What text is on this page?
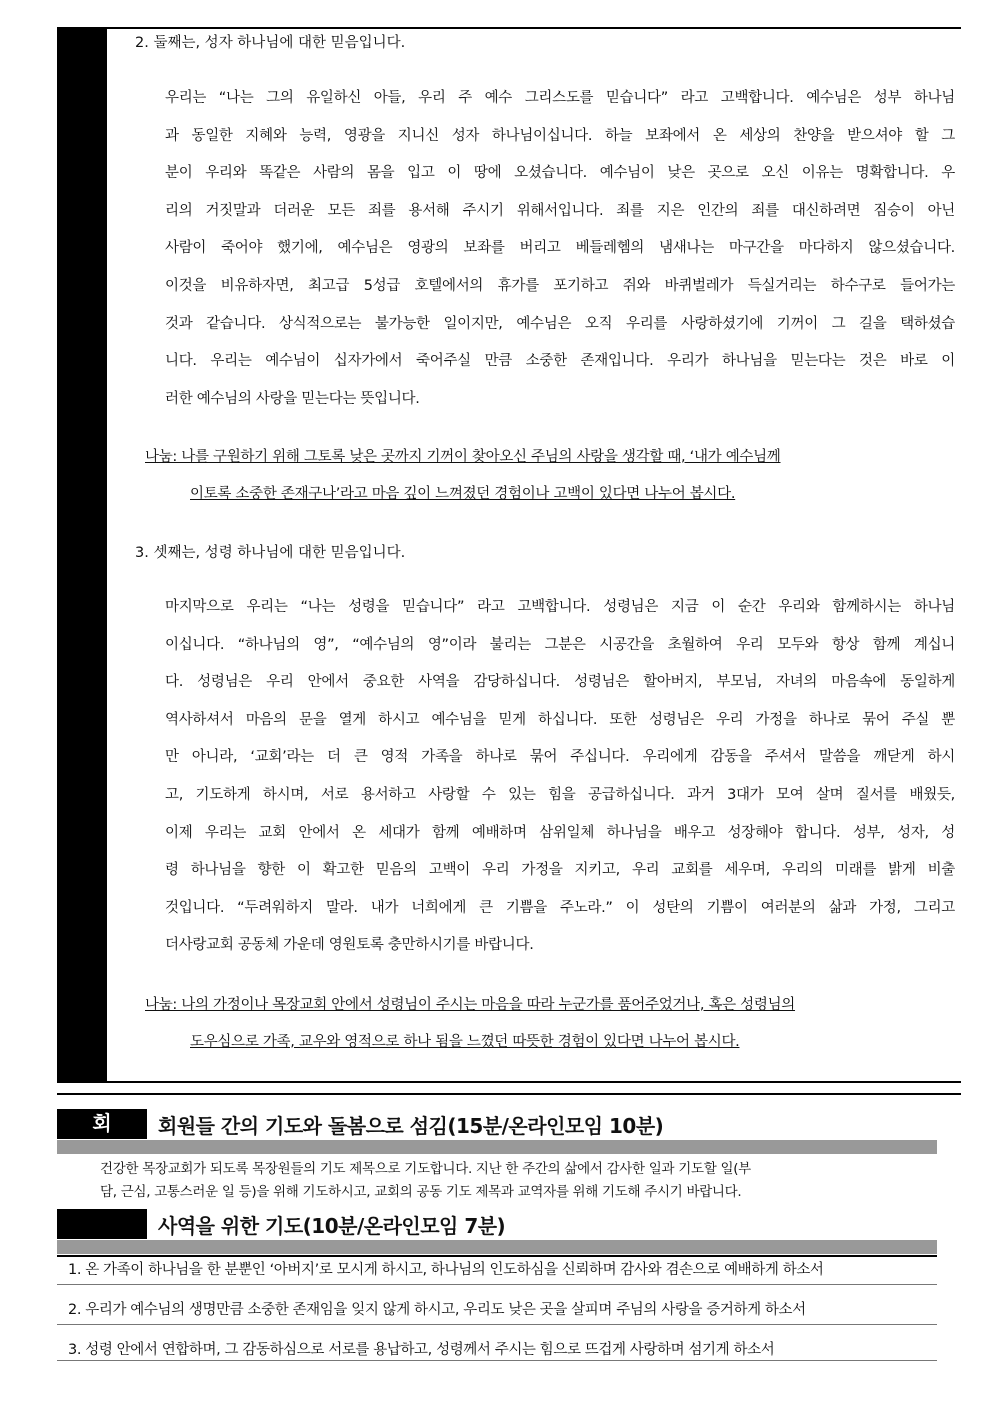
2. 둘째는, 성자 하나님에 대한 믿음입니다.
우리는 “나는 그의 유일하신 아들, 우리 주 예수 그리스도를 믿습니다” 라고 고백합니다. 예수님은 성부 하나님
과 동일한 지혜와 능력, 영광을 지니신 성자 하나님이십니다. 하늘 보좌에서 온 세상의 찬양을 받으셔야 할 그
분이 우리와 똑같은 사람의 몸을 입고 이 땅에 오셨습니다. 예수님이 낮은 곳으로 오신 이유는 명확합니다. 우
리의 거짓말과 더러운 모든 죄를 용서해 주시기 위해서입니다. 죄를 지은 인간의 죄를 대신하려면 짐승이 아닌
사람이 죽어야 했기에, 예수님은 영광의 보좌를 버리고 베들레헴의 냄새나는 마구간을 마다하지 않으셨습니다.
이것을 비유하자면, 최고급 5성급 호텔에서의 휴가를 포기하고 쥐와 바퀴벌레가 득실거리는 하수구로 들어가는
것과 같습니다. 상식적으로는 불가능한 일이지만, 예수님은 오직 우리를 사랑하셨기에 기꺼이 그 길을 택하셨습
니다. 우리는 예수님이 십자가에서 죽어주실 만큼 소중한 존재입니다. 우리가 하나님을 믿는다는 것은 바로 이
러한 예수님의 사랑을 믿는다는 뜻입니다.
나눔: 나를 구원하기 위해 그토록 낮은 곳까지 기꺼이 찾아오신 주님의 사랑을 생각할 때, ‘내가 예수님께
이토록 소중한 존재구나’라고 마음 깊이 느껴졌던 경험이나 고백이 있다면 나누어 봅시다.
3. 셋째는, 성령 하나님에 대한 믿음입니다.
마지막으로 우리는 “나는 성령을 믿습니다” 라고 고백합니다. 성령님은 지금 이 순간 우리와 함께하시는 하나님
이십니다. “하나님의 영”, “예수님의 영”이라 불리는 그분은 시공간을 초월하여 우리 모두와 항상 함께 계십니
다. 성령님은 우리 안에서 중요한 사역을 감당하십니다. 성령님은 할아버지, 부모님, 자녀의 마음속에 동일하게
역사하셔서 마음의 문을 열게 하시고 예수님을 믿게 하십니다. 또한 성령님은 우리 가정을 하나로 묶어 주실 뿐
만 아니라, ‘교회’라는 더 큰 영적 가족을 하나로 묶어 주십니다. 우리에게 감동을 주셔서 말씀을 깨닫게 하시
고, 기도하게 하시며, 서로 용서하고 사랑할 수 있는 힘을 공급하십니다. 과거 3대가 모여 살며 질서를 배웠듯,
이제 우리는 교회 안에서 온 세대가 함께 예배하며 삼위일체 하나님을 배우고 성장해야 합니다. 성부, 성자, 성
령 하나님을 향한 이 확고한 믿음의 고백이 우리 가정을 지키고, 우리 교회를 세우며, 우리의 미래를 밝게 비출
것입니다. “두려워하지 말라. 내가 너희에게 큰 기쁨을 주노라.” 이 성탄의 기쁨이 여러분의 삶과 가정, 그리고
더사랑교회 공동체 가운데 영원토록 충만하시기를 바랍니다.
나눔: 나의 가정이나 목장교회 안에서 성령님이 주시는 마음을 따라 누군가를 품어주었거나, 혹은 성령님의
도우심으로 가족, 교우와 영적으로 하나 됨을 느꼈던 따뜻한 경험이 있다면 나누어 봅시다.
회	회원들 간의 기도와 돌봄으로 섬김(15분/온라인모임 10분)
건강한 목장교회가 되도록 목장원들의 기도 제목으로 기도합니다. 지난 한 주간의 삶에서 감사한 일과 기도할 일(부
담, 근심, 고통스러운 일 등)을 위해 기도하시고, 교회의 공동 기도 제목과 교역자를 위해 기도해 주시기 바랍니다.
사역을 위한 기도(10분/온라인모임 7분)
1. 온 가족이 하나님을 한 분뿐인 ‘아버지’로 모시게 하시고, 하나님의 인도하심을 신뢰하며 감사와 겸손으로 예배하게 하소서
2. 우리가 예수님의 생명만큼 소중한 존재임을 잊지 않게 하시고, 우리도 낮은 곳을 살피며 주님의 사랑을 증거하게 하소서
3. 성령 안에서 연합하며, 그 감동하심으로 서로를 용납하고, 성령께서 주시는 힘으로 뜨겁게 사랑하며 섬기게 하소서
